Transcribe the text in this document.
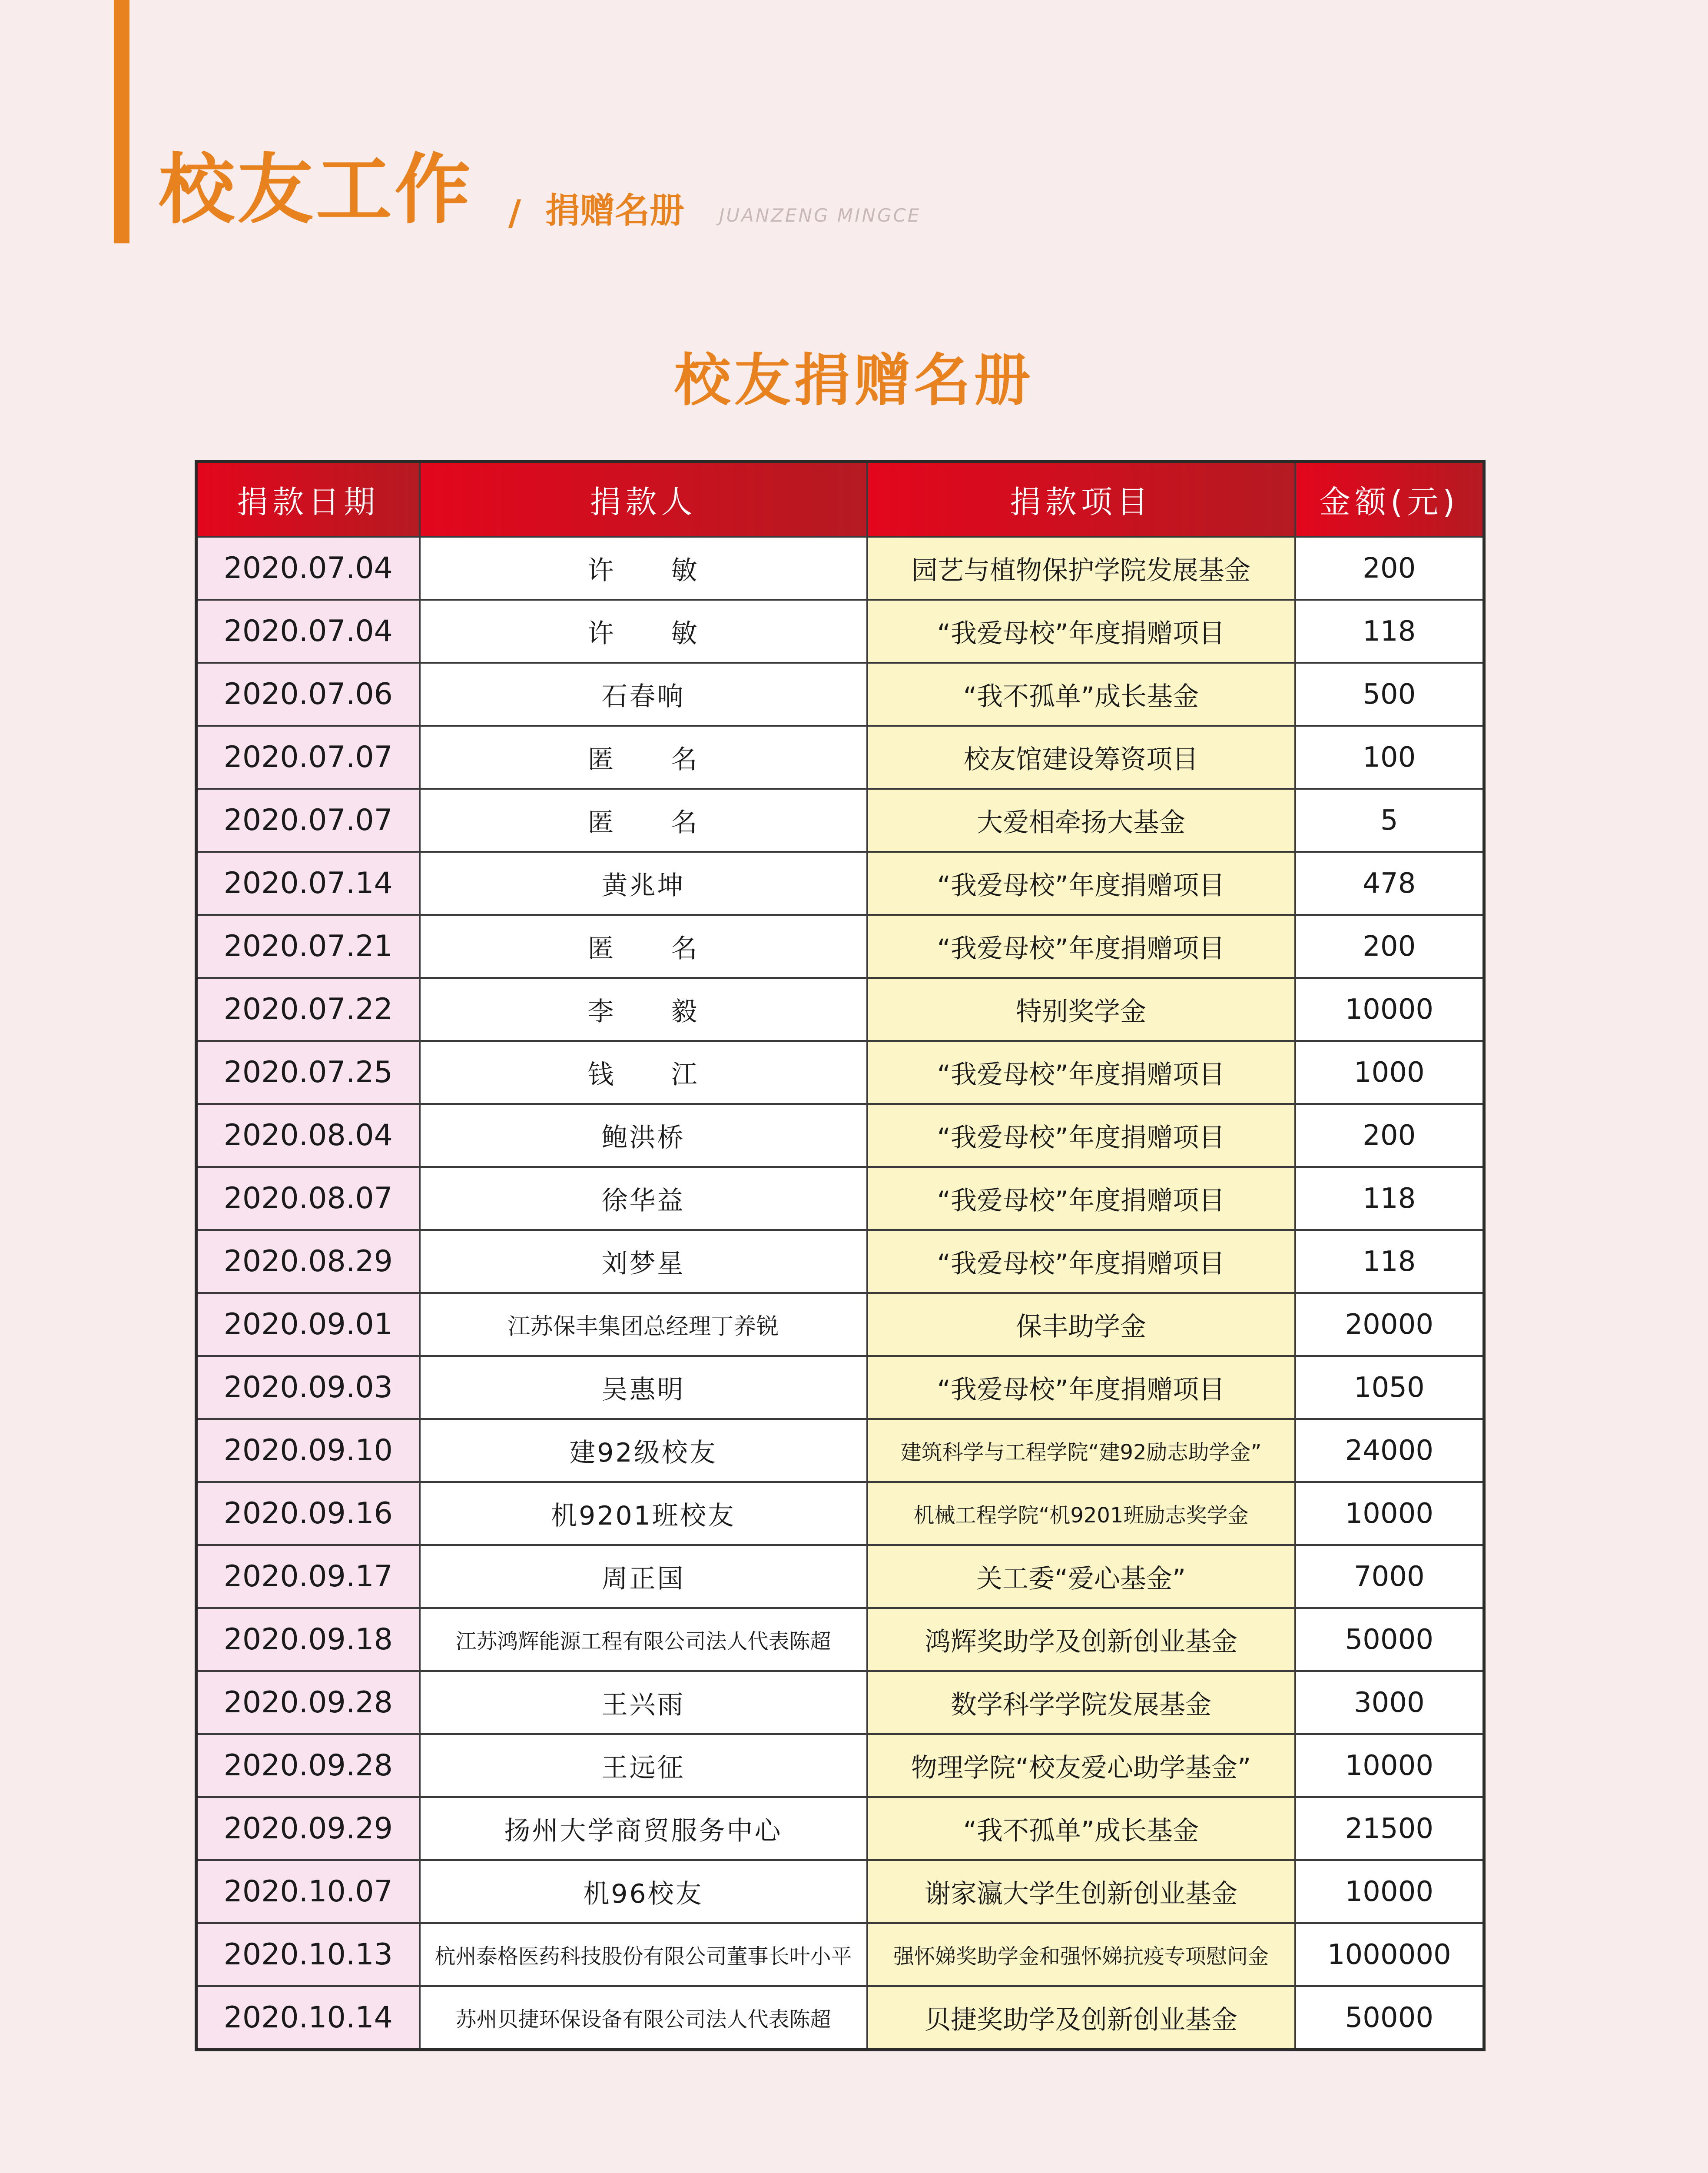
校友工作 / 捐赠名册 JUANZENG MINGCE
校友捐赠名册
捐款日期	捐款人	捐款项目	金额(元)
2020.07.04	许　　敏	园艺与植物保护学院发展基金	200
2020.07.04	许　　敏	“我爱母校”年度捐赠项目	118
2020.07.06	石春响	“我不孤单”成长基金	500
2020.07.07	匿　　名	校友馆建设筹资项目	100
2020.07.07	匿　　名	大爱相牵扬大基金	5
2020.07.14	黄兆坤	“我爱母校”年度捐赠项目	478
2020.07.21	匿　　名	“我爱母校”年度捐赠项目	200
2020.07.22	李　　毅	特别奖学金	10000
2020.07.25	钱　　江	“我爱母校”年度捐赠项目	1000
2020.08.04	鲍洪桥	“我爱母校”年度捐赠项目	200
2020.08.07	徐华益	“我爱母校”年度捐赠项目	118
2020.08.29	刘梦星	“我爱母校”年度捐赠项目	118
2020.09.01	江苏保丰集团总经理丁养锐	保丰助学金	20000
2020.09.03	吴惠明	“我爱母校”年度捐赠项目	1050
2020.09.10	建92级校友	建筑科学与工程学院“建92励志助学金”	24000
2020.09.16	机9201班校友	机械工程学院“机9201班励志奖学金	10000
2020.09.17	周正国	关工委“爱心基金”	7000
2020.09.18	江苏鸿辉能源工程有限公司法人代表陈超	鸿辉奖助学及创新创业基金	50000
2020.09.28	王兴雨	数学科学学院发展基金	3000
2020.09.28	王远征	物理学院“校友爱心助学基金”	10000
2020.09.29	扬州大学商贸服务中心	“我不孤单”成长基金	21500
2020.10.07	机96校友	谢家瀛大学生创新创业基金	10000
2020.10.13	杭州泰格医药科技股份有限公司董事长叶小平	强怀娣奖助学金和强怀娣抗疫专项慰问金	1000000
2020.10.14	苏州贝捷环保设备有限公司法人代表陈超	贝捷奖助学及创新创业基金	50000
